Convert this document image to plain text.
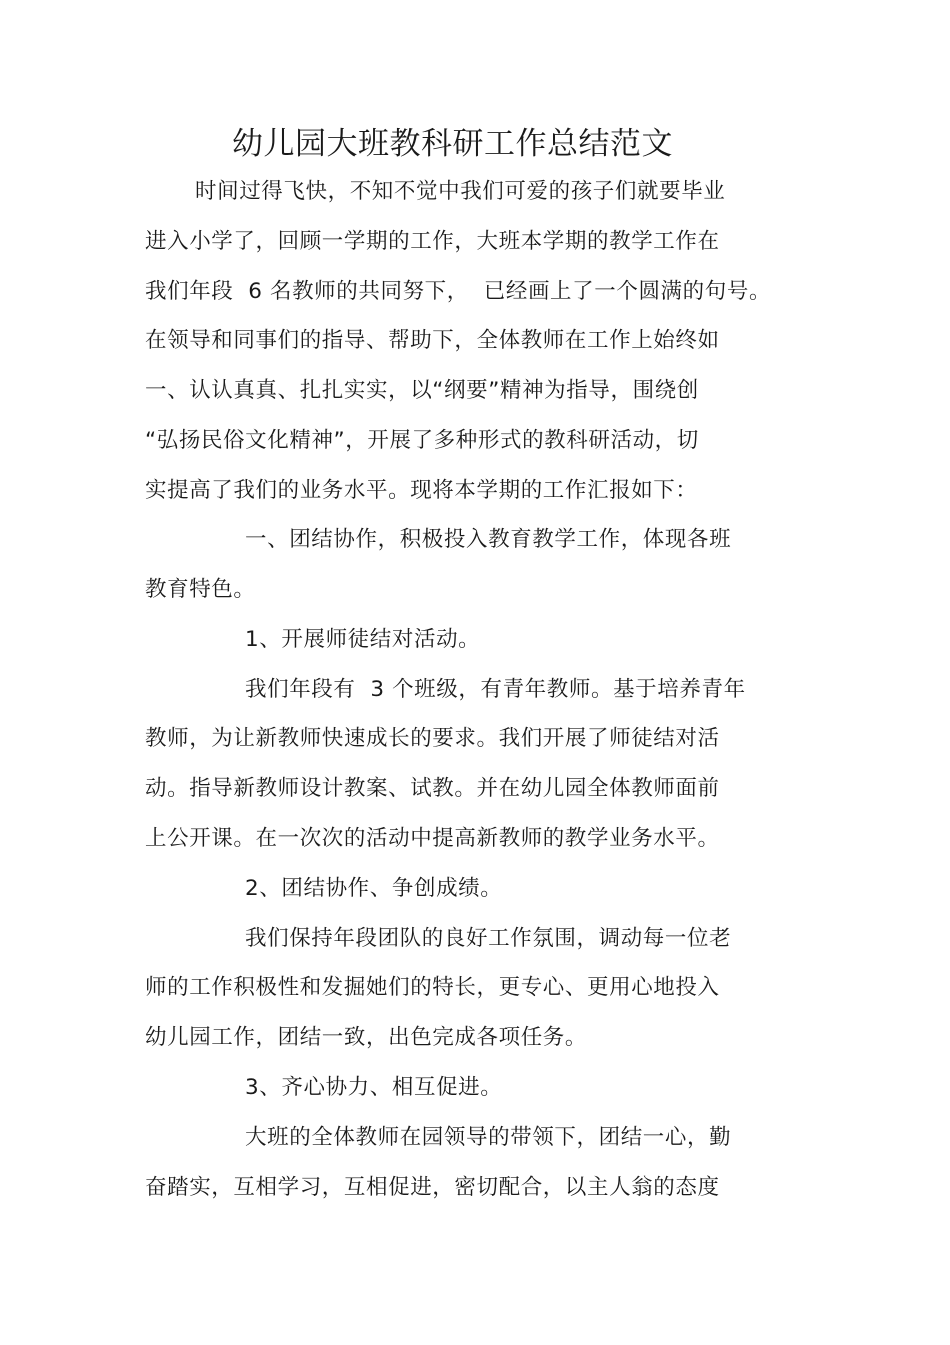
幼儿园大班教科研工作总结范文
时间过得飞快，不知不觉中我们可爱的孩子们就要毕业
进入小学了，回顾一学期的工作，大班本学期的教学工作在
我们年段  6 名教师的共同努下，  已经画上了一个圆满的句号。
在领导和同事们的指导、帮助下，全体教师在工作上始终如
一、认认真真、扎扎实实，以“纲要”精神为指导，围绕创
“弘扬民俗文化精神”，开展了多种形式的教科研活动，切
实提高了我们的业务水平。现将本学期的工作汇报如下：
一、团结协作，积极投入教育教学工作，体现各班
教育特色。
1、开展师徒结对活动。
我们年段有  3 个班级，有青年教师。基于培养青年
教师，为让新教师快速成长的要求。我们开展了师徒结对活
动。指导新教师设计教案、试教。并在幼儿园全体教师面前
上公开课。在一次次的活动中提高新教师的教学业务水平。
2、团结协作、争创成绩。
我们保持年段团队的良好工作氛围，调动每一位老
师的工作积极性和发掘她们的特长，更专心、更用心地投入
幼儿园工作，团结一致，出色完成各项任务。
3、齐心协力、相互促进。
大班的全体教师在园领导的带领下，团结一心，勤
奋踏实，互相学习，互相促进，密切配合，以主人翁的态度
